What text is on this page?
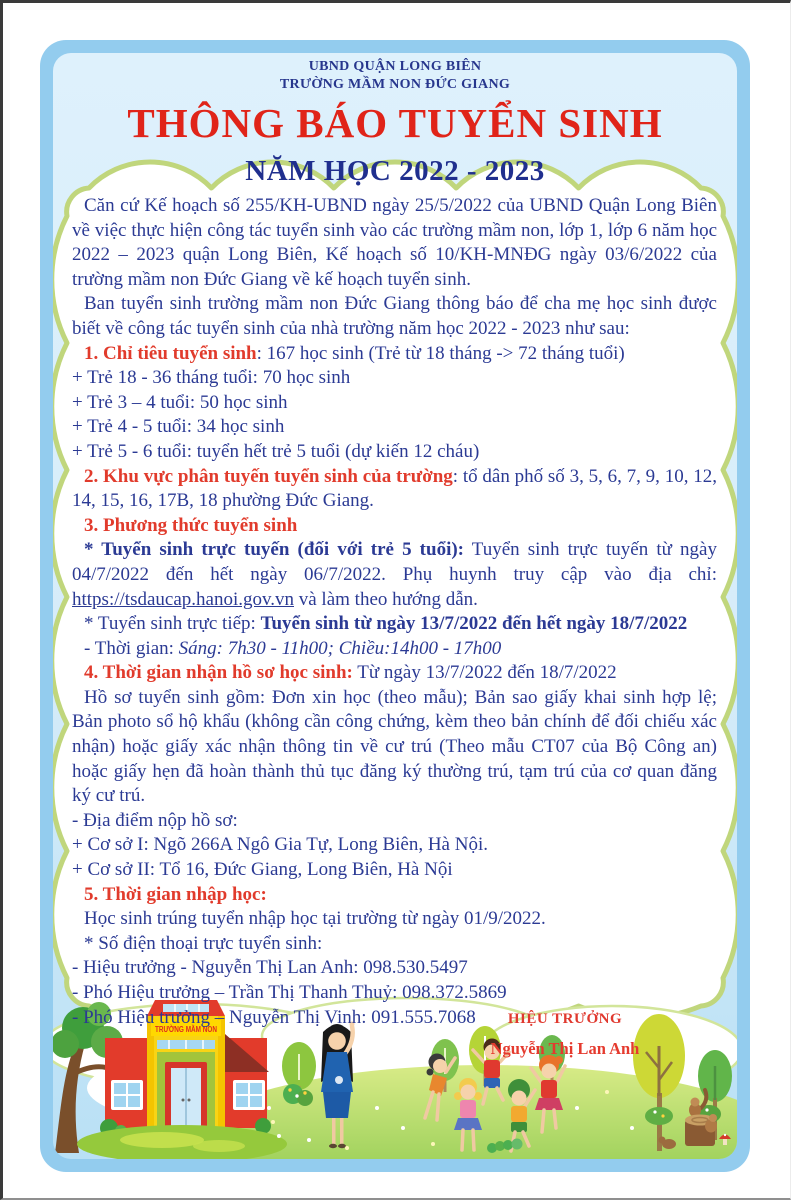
UBND QUẬN LONG BIÊN
TRƯỜNG MẦM NON ĐỨC GIANG
THÔNG BÁO TUYỂN SINH
NĂM HỌC 2022 - 2023

Căn cứ Kế hoạch số 255/KH-UBND ngày 25/5/2022 của UBND Quận Long Biên về việc thực hiện công tác tuyển sinh vào các trường mầm non, lớp 1, lớp 6 năm học 2022 – 2023 quận Long Biên, Kế hoạch số 10/KH-MNĐG ngày 03/6/2022 của trường mầm non Đức Giang về kế hoạch tuyển sinh.

Ban tuyển sinh trường mầm non Đức Giang thông báo để cha mẹ học sinh được biết về công tác tuyển sinh của nhà trường năm học 2022 - 2023 như sau:

1. Chỉ tiêu tuyển sinh: 167 học sinh (Trẻ từ 18 tháng -> 72 tháng tuổi)

+ Trẻ 18 - 36 tháng tuổi: 70 học sinh
+ Trẻ 3 – 4 tuổi: 50 học sinh
+ Trẻ 4 - 5 tuổi: 34 học sinh
+ Trẻ 5 - 6 tuổi: tuyển hết trẻ 5 tuổi (dự kiến 12 cháu)

2. Khu vực phân tuyến tuyển sinh của trường: tổ dân phố số 3, 5, 6, 7, 9, 10, 12, 14, 15, 16, 17B, 18 phường Đức Giang.

3. Phương thức tuyển sinh

* Tuyển sinh trực tuyến (đối với trẻ 5 tuổi): Tuyển sinh trực tuyến từ ngày 04/7/2022 đến hết ngày 06/7/2022. Phụ huynh truy cập vào địa chỉ: https://tsdaucap.hanoi.gov.vn và làm theo hướng dẫn.

* Tuyển sinh trực tiếp: Tuyển sinh từ ngày 13/7/2022 đến hết ngày 18/7/2022

- Thời gian: Sáng: 7h30 - 11h00; Chiều:14h00 - 17h00

4. Thời gian nhận hồ sơ học sinh: Từ ngày 13/7/2022 đến 18/7/2022

Hồ sơ tuyển sinh gồm: Đơn xin học (theo mẫu); Bản sao giấy khai sinh hợp lệ; Bản photo sổ hộ khẩu (không cần công chứng, kèm theo bản chính để đối chiếu xác nhận) hoặc giấy xác nhận thông tin về cư trú (Theo mẫu CT07 của Bộ Công an) hoặc giấy hẹn đã hoàn thành thủ tục đăng ký thường trú, tạm trú của cơ quan đăng ký cư trú.

- Địa điểm nộp hồ sơ:
+ Cơ sở I: Ngõ 266A Ngô Gia Tự, Long Biên, Hà Nội.
+ Cơ sở II: Tổ 16, Đức Giang, Long Biên, Hà Nội

5. Thời gian nhập học:

Học sinh trúng tuyển nhập học tại trường từ ngày 01/9/2022.
* Số điện thoại trực tuyển sinh:
- Hiệu trưởng - Nguyễn Thị Lan Anh: 098.530.5497
- Phó Hiệu trưởng – Trần Thị Thanh Thuỷ: 098.372.5869
- Phó Hiệu trưởng – Nguyễn Thị Vinh: 091.555.7068
TRƯỜNG MẦM NON
HIỆU TRƯỞNG
Nguyễn Thị Lan Anh
